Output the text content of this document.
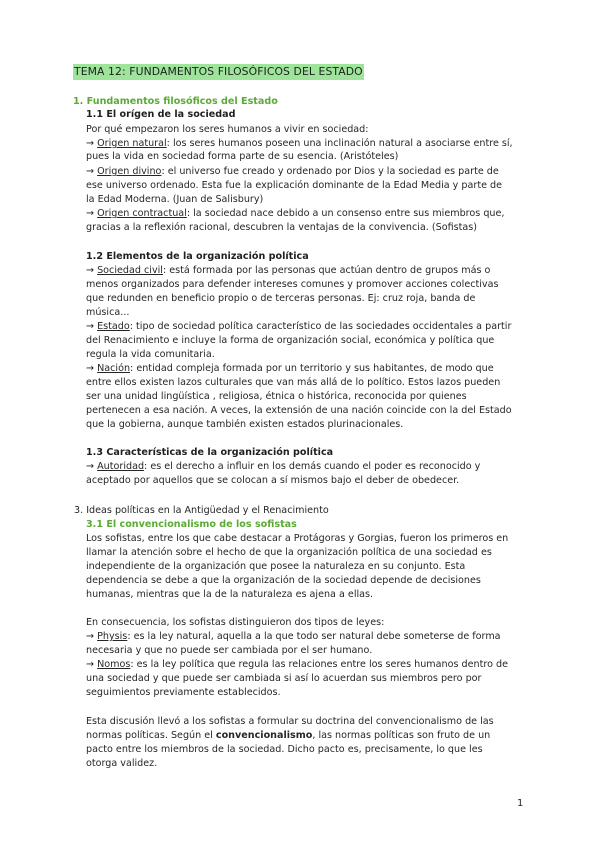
TEMA 12: FUNDAMENTOS FILOSÓFICOS DEL ESTADO
1. Fundamentos filosóficos del Estado
1.1 El orígen de la sociedad
Por qué empezaron los seres humanos a vivir en sociedad:
→ Origen natural: los seres humanos poseen una inclinación natural a asociarse entre sí,
pues la vida en sociedad forma parte de su esencia. (Aristóteles)
→ Origen divino: el universo fue creado y ordenado por Dios y la sociedad es parte de
ese universo ordenado. Esta fue la explicación dominante de la Edad Media y parte de
la Edad Moderna. (Juan de Salisbury)
→ Origen contractual: la sociedad nace debido a un consenso entre sus miembros que,
gracias a la reflexión racional, descubren la ventajas de la convivencia. (Sofistas)
1.2 Elementos de la organización política
→ Sociedad civil: está formada por las personas que actúan dentro de grupos más o
menos organizados para defender intereses comunes y promover acciones colectivas
que redunden en beneficio propio o de terceras personas. Ej: cruz roja, banda de
música...
→ Estado: tipo de sociedad política característico de las sociedades occidentales a partir
del Renacimiento e incluye la forma de organización social, económica y política que
regula la vida comunitaria.
→ Nación: entidad compleja formada por un territorio y sus habitantes, de modo que
entre ellos existen lazos culturales que van más allá de lo político. Estos lazos pueden
ser una unidad lingüística , religiosa, étnica o histórica, reconocida por quienes
pertenecen a esa nación. A veces, la extensión de una nación coincide con la del Estado
que la gobierna, aunque también existen estados plurinacionales.
1.3 Características de la organización política
→ Autoridad: es el derecho a influir en los demás cuando el poder es reconocido y
aceptado por aquellos que se colocan a sí mismos bajo el deber de obedecer.
3. Ideas políticas en la Antigüedad y el Renacimiento
3.1 El convencionalismo de los sofistas
Los sofistas, entre los que cabe destacar a Protágoras y Gorgias, fueron los primeros en
llamar la atención sobre el hecho de que la organización política de una sociedad es
independiente de la organización que posee la naturaleza en su conjunto. Esta
dependencia se debe a que la organización de la sociedad depende de decisiones
humanas, mientras que la de la naturaleza es ajena a ellas.
En consecuencia, los sofistas distinguieron dos tipos de leyes:
→ Physis: es la ley natural, aquella a la que todo ser natural debe someterse de forma
necesaria y que no puede ser cambiada por el ser humano.
→ Nomos: es la ley política que regula las relaciones entre los seres humanos dentro de
una sociedad y que puede ser cambiada si así lo acuerdan sus miembros pero por
seguimientos previamente establecidos.
Esta discusión llevó a los sofistas a formular su doctrina del convencionalismo de las
normas políticas. Según el convencionalismo, las normas políticas son fruto de un
pacto entre los miembros de la sociedad. Dicho pacto es, precisamente, lo que les
otorga validez.
1
